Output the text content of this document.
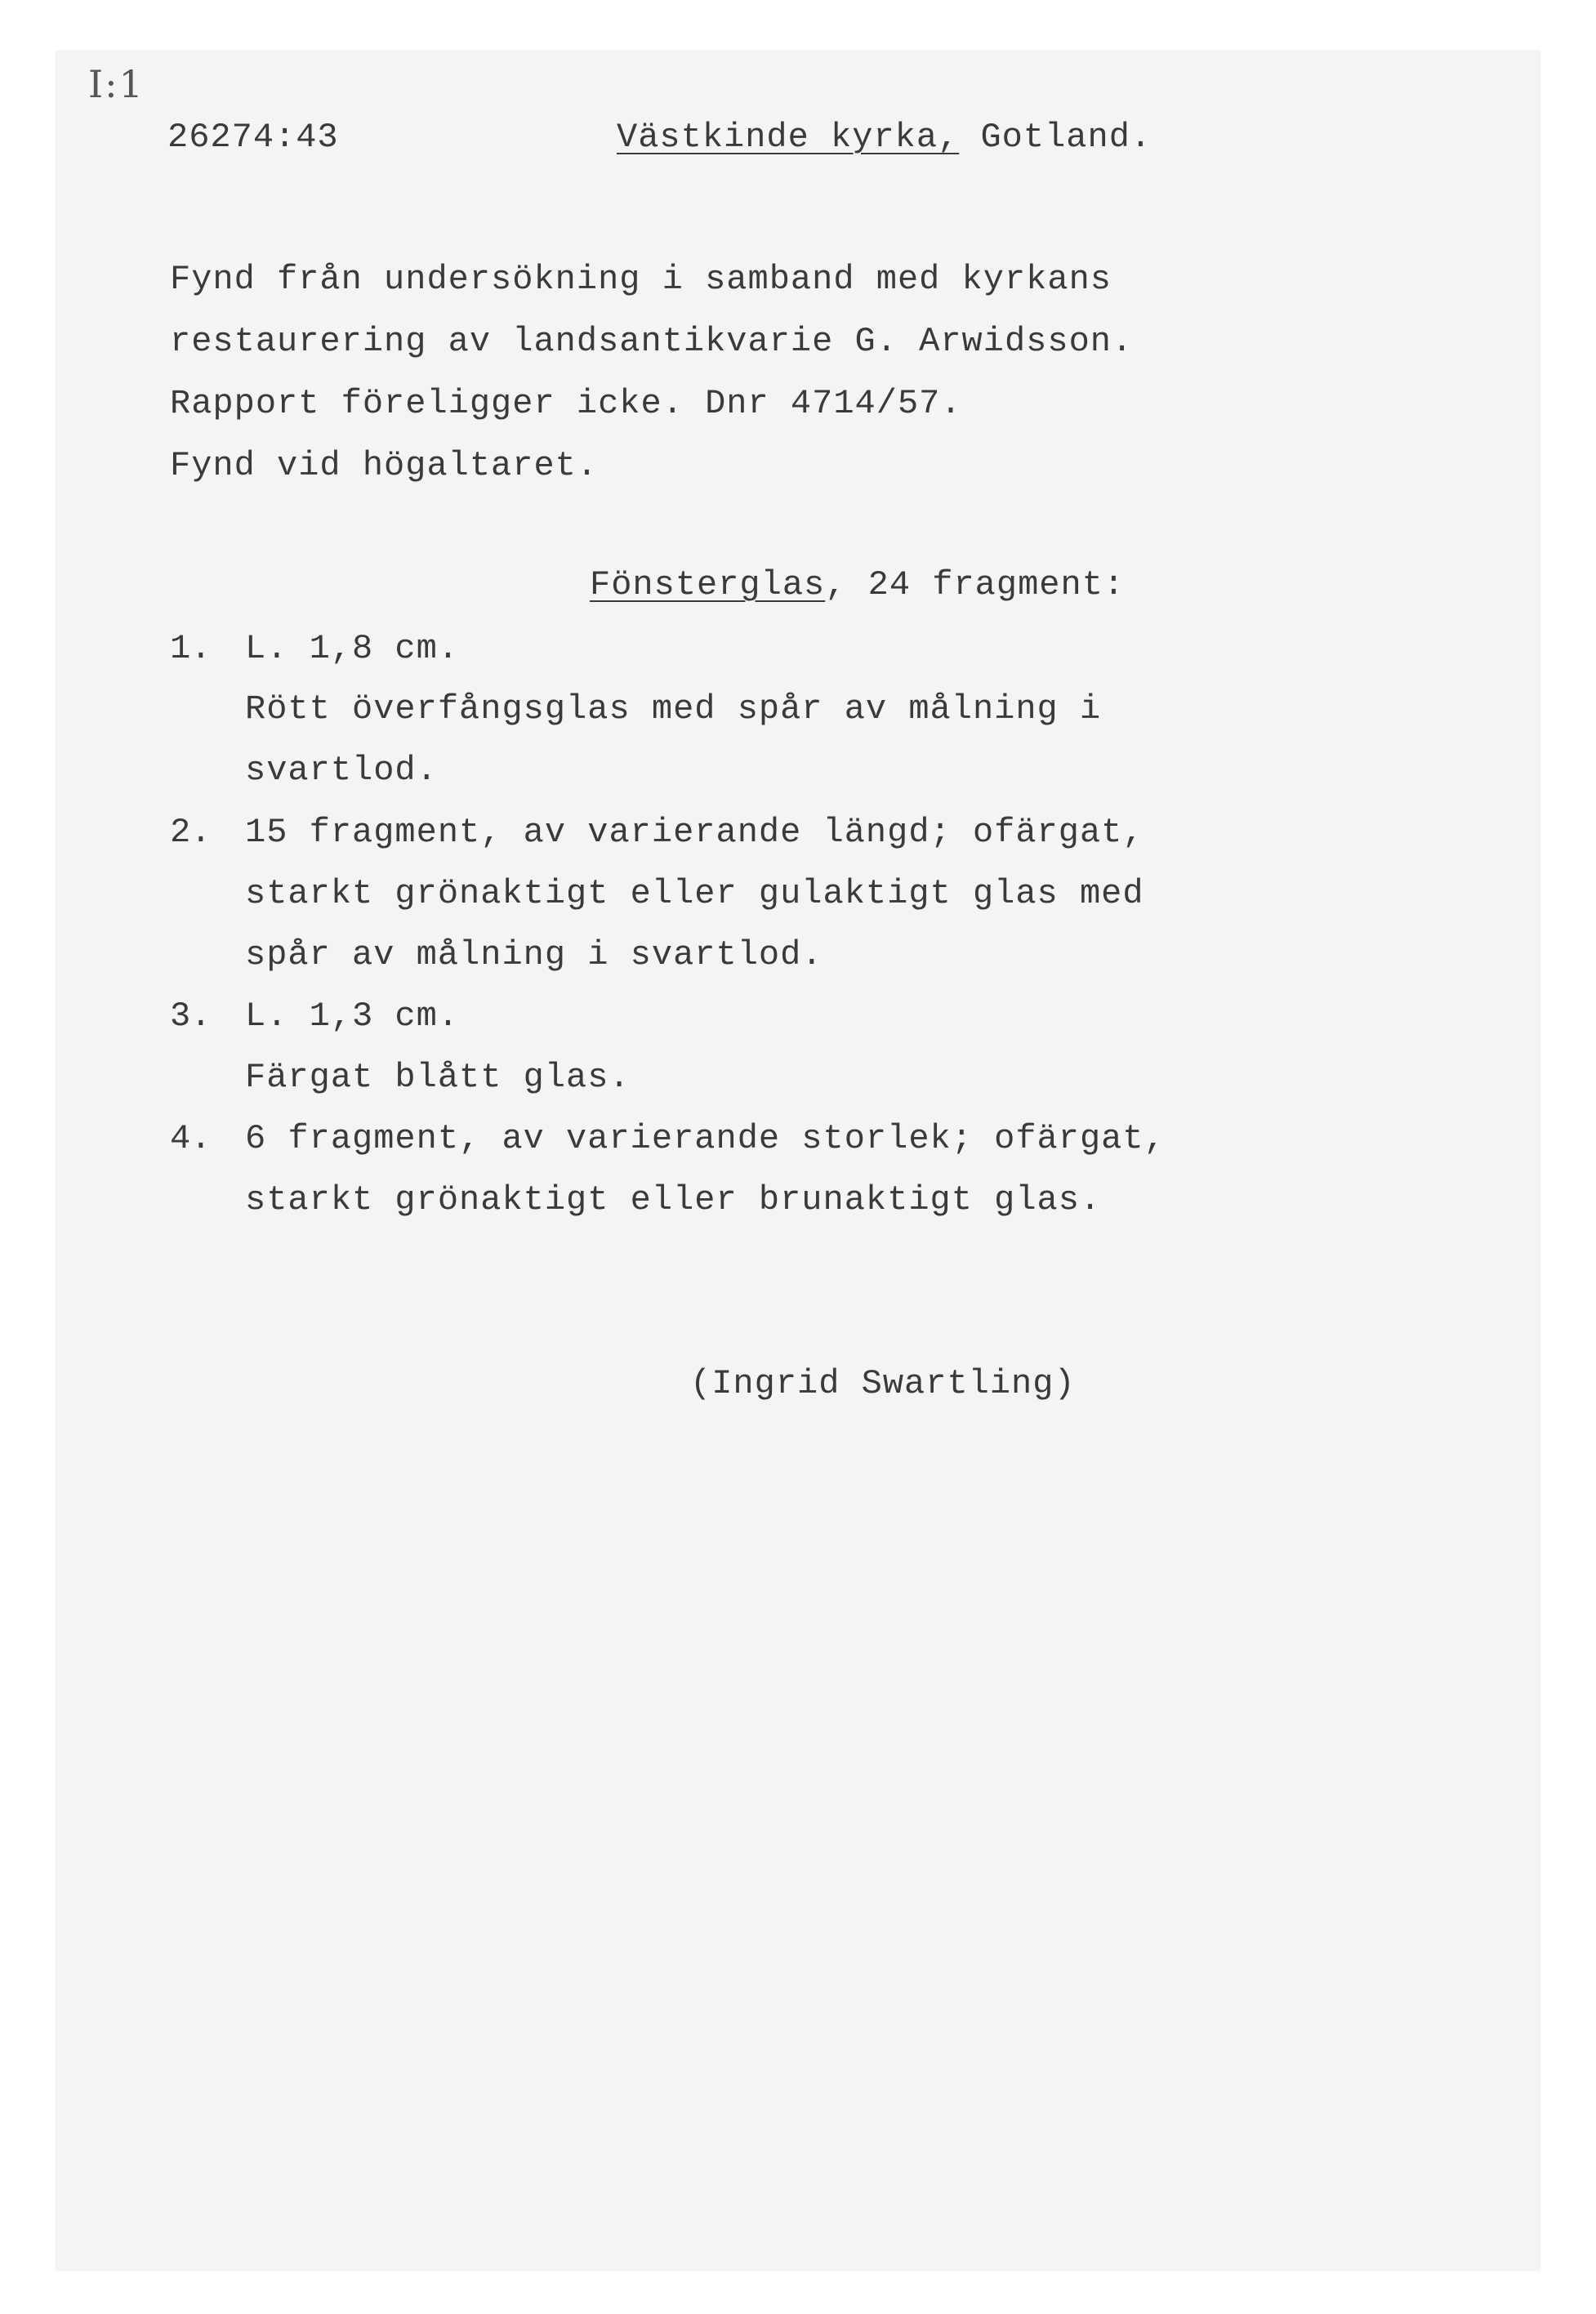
I:1
26274:43	Västkinde kyrka, Gotland.
Fynd från undersökning i samband med kyrkans
restaurering av landsantikvarie G. Arwidsson.
Rapport föreligger icke. Dnr 4714/57.
Fynd vid högaltaret.
Fönsterglas, 24 fragment:
1. L. 1,8 cm.
Rött överfångsglas med spår av målning i
svartlod.
2. 15 fragment, av varierande längd; ofärgat,
starkt grönaktigt eller gulaktigt glas med
spår av målning i svartlod.
3. L. 1,3 cm.
Färgat blått glas.
4. 6 fragment, av varierande storlek; ofärgat,
starkt grönaktigt eller brunaktigt glas.
(Ingrid Swartling)
